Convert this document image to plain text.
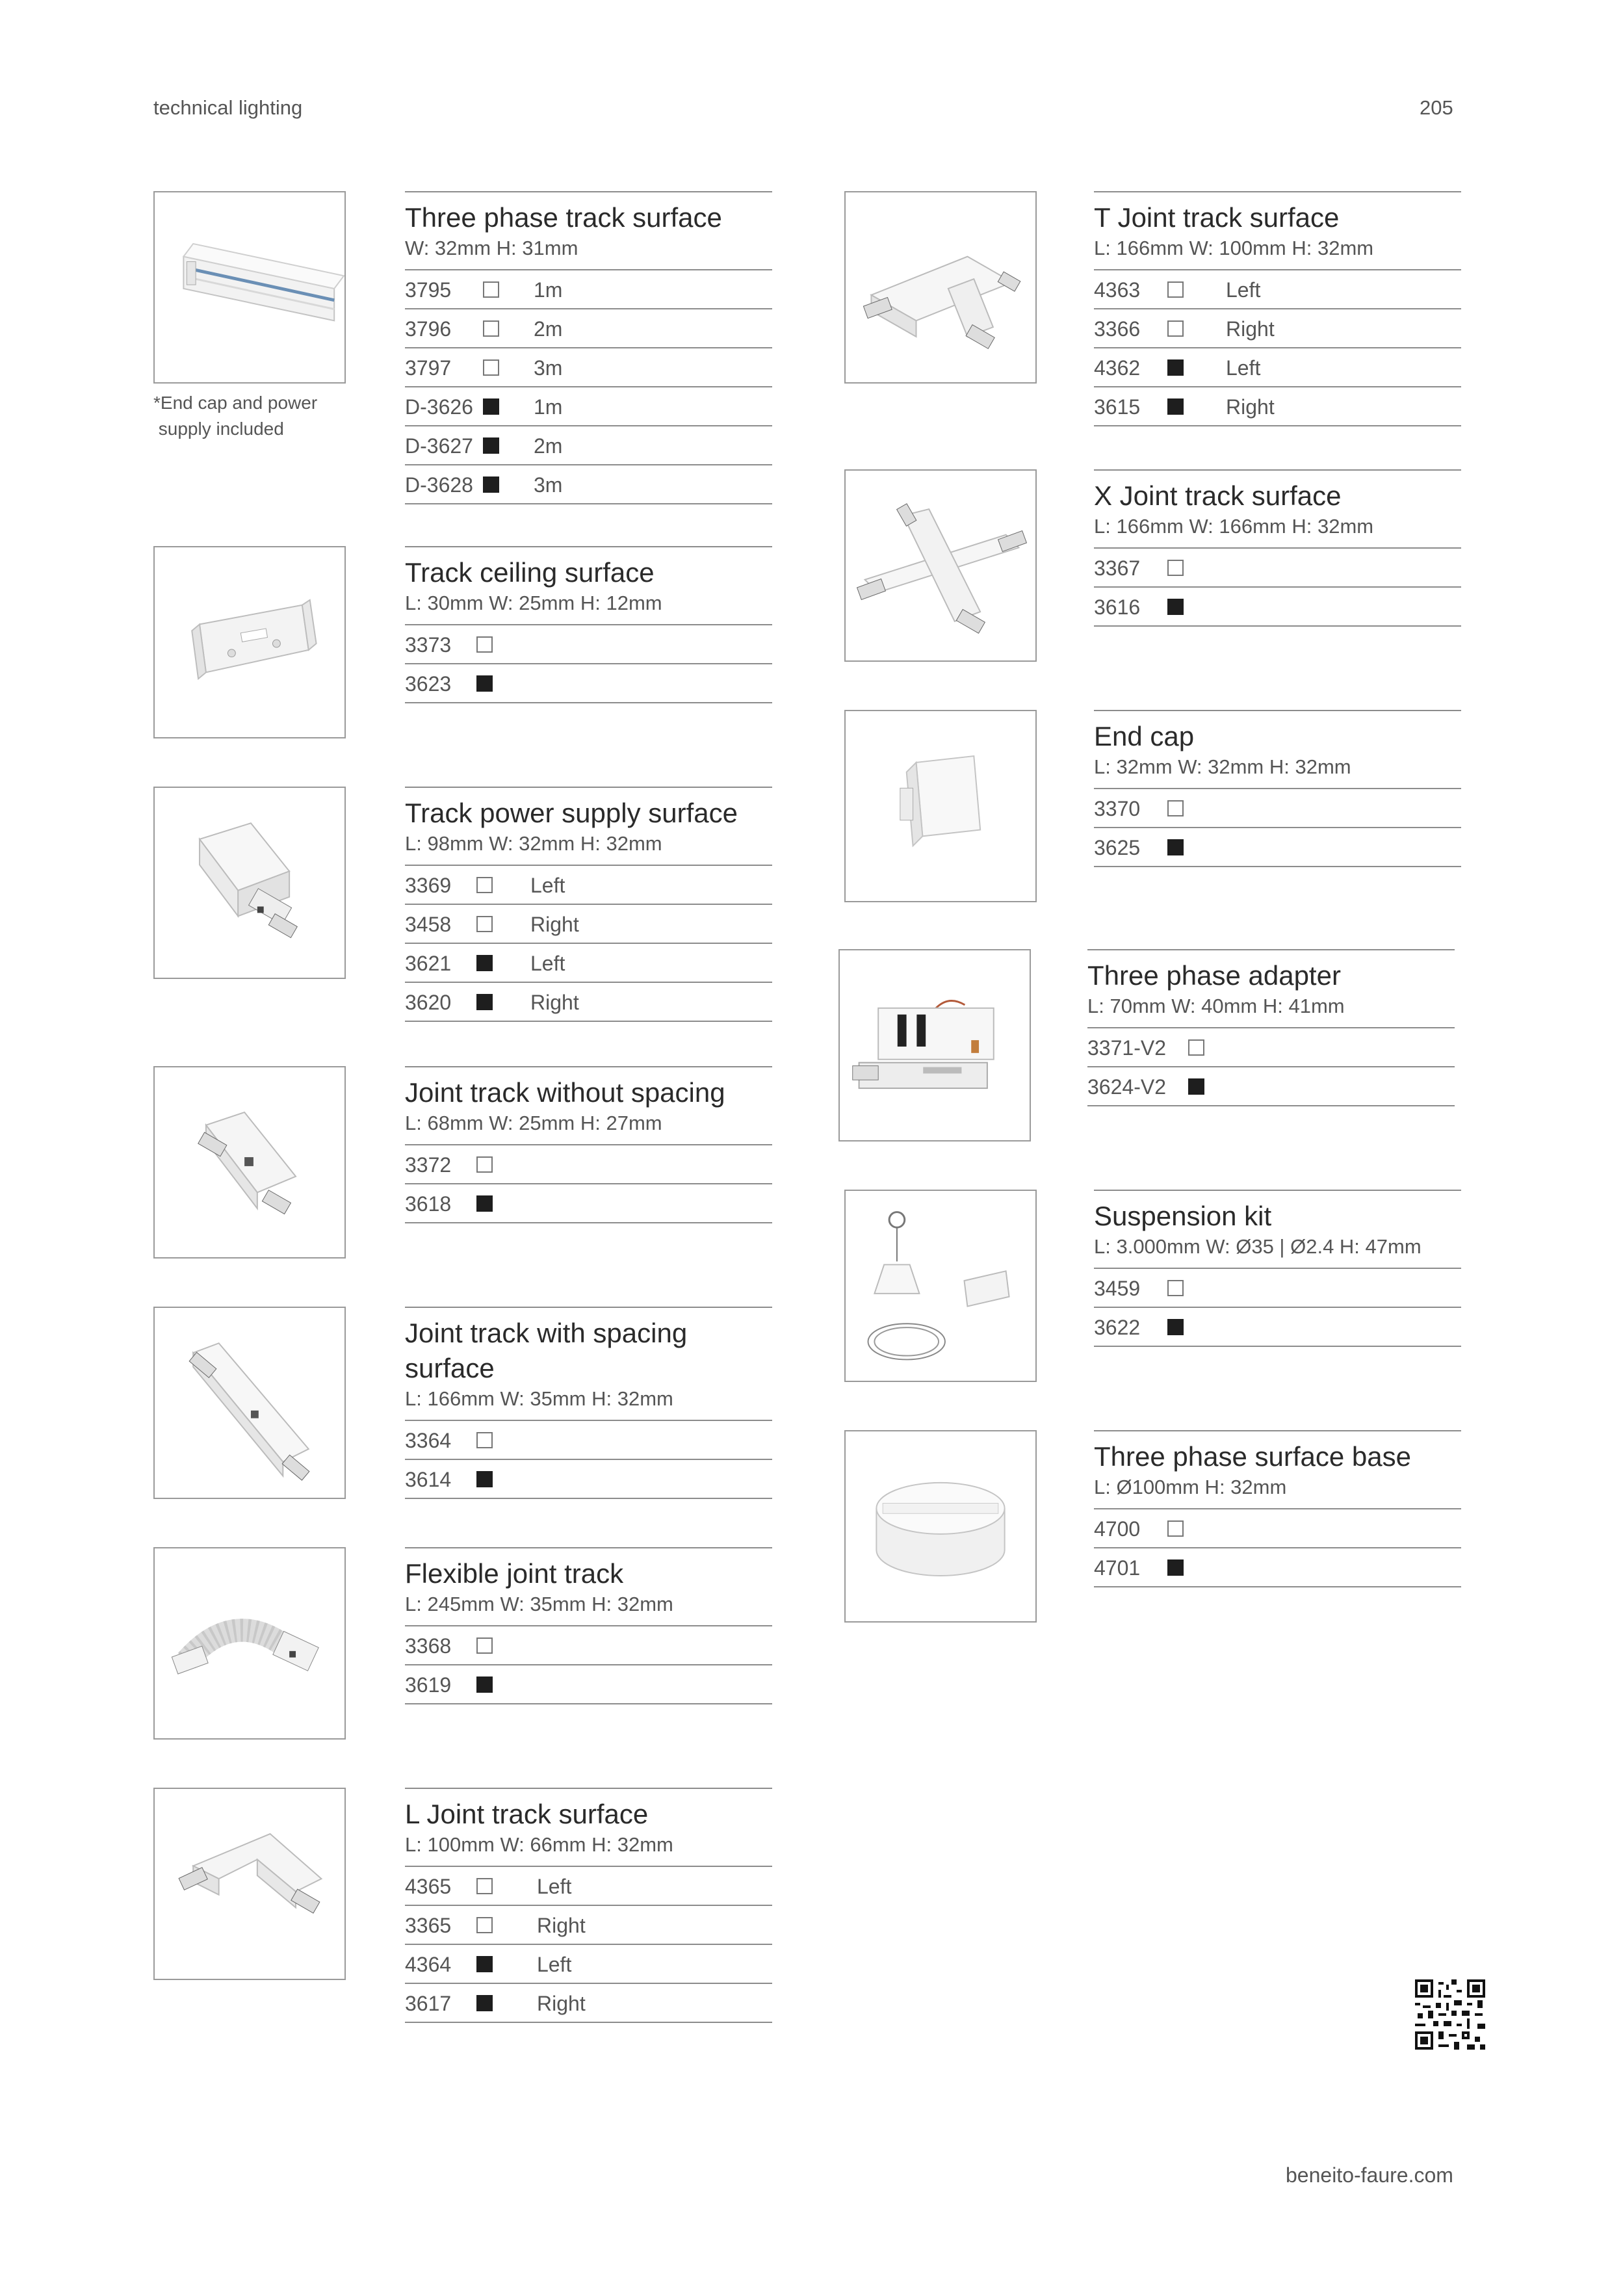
technical lighting	205
beneito-faure.com
*End cap and power
supply included
Three phase track surface
W: 32mm H: 31mm
3795	1m
3796	2m
3797	3m
D-3626	1m
D-3627	2m
D-3628	3m
Track ceiling surface
L: 30mm W: 25mm H: 12mm
3373
3623
Track power supply surface
L: 98mm W: 32mm H: 32mm
3369	Left
3458	Right
3621	Left
3620	Right
Joint track without spacing
L: 68mm W: 25mm H: 27mm
3372
3618
Joint track with spacing surface
L: 166mm W: 35mm H: 32mm
3364
3614
Flexible joint track
L: 245mm W: 35mm H: 32mm
3368
3619
L Joint track surface
L: 100mm W: 66mm H: 32mm
4365	Left
3365	Right
4364	Left
3617	Right
T Joint track surface
L: 166mm W: 100mm H: 32mm
4363	Left
3366	Right
4362	Left
3615	Right
X Joint track surface
L: 166mm W: 166mm H: 32mm
3367
3616
End cap
L: 32mm W: 32mm H: 32mm
3370
3625
Three phase adapter
L: 70mm W: 40mm H: 41mm
3371-V2
3624-V2
Suspension kit
L: 3.000mm W: Ø35 | Ø2.4 H: 47mm
3459
3622
Three phase surface base
L: Ø100mm H: 32mm
4700
4701
